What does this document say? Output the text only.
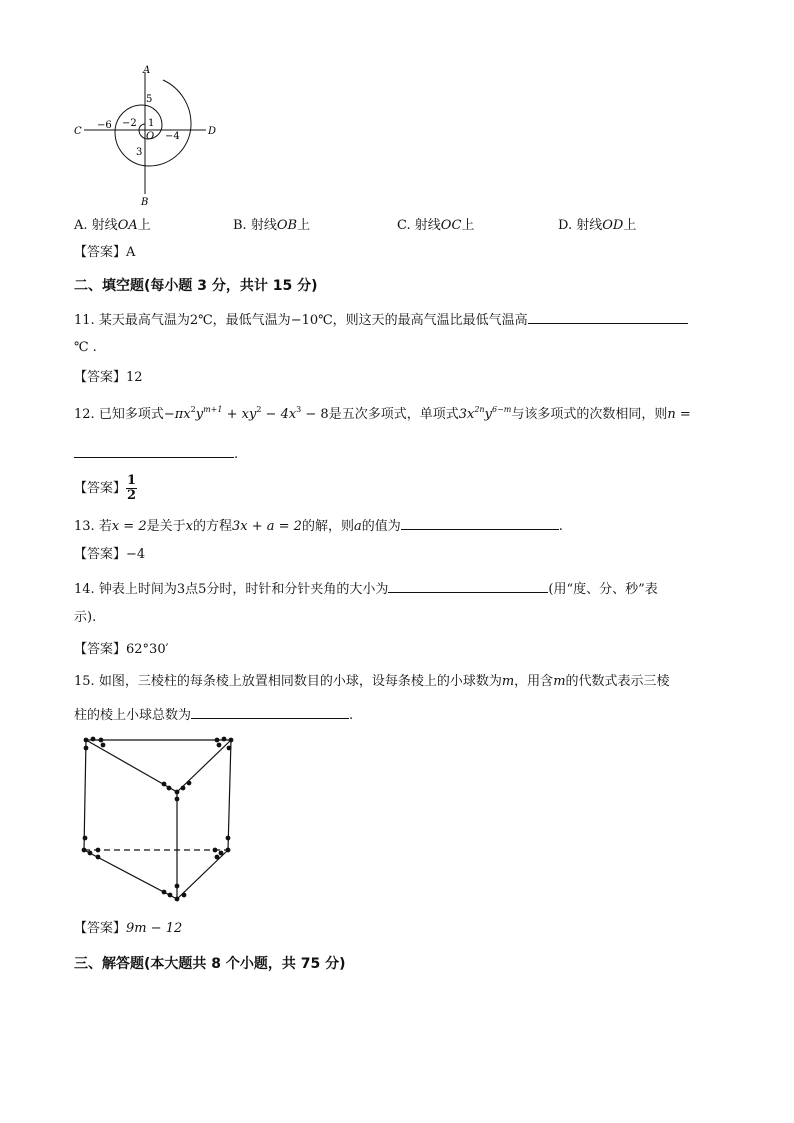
A
B
C	D
O
5
1
−2
−6
−4
3
A. 射线OA上	B. 射线OB上	C. 射线OC上	D. 射线OD上
【答案】A
二、填空题(每小题 3 分，共计 15 分)
11. 某天最高气温为2℃，最低气温为−10℃，则这天的最高气温比最低气温高
℃ .
【答案】12
12. 已知多项式$-\pi x^2y^{m+1} + xy^2 - 4x^3 - 8$是五次多项式，单项式$3x^{2n}y^{6-m}$与该多项式的次数相同，则n =
.
【答案】 $\frac{1}{2}$
13. 若x = 2是关于x的方程3x + a = 2的解，则a的值为	.
【答案】−4
14. 钟表上时间为3点5分时，时针和分针夹角的大小为	(用“度、分、秒”表
示).
【答案】62°30′
15. 如图，三棱柱的每条棱上放置相同数目的小球，设每条棱上的小球数为m，用含m的代数式表示三棱
柱的棱上小球总数为	.
【答案】9m − 12
三、解答题(本大题共 8 个小题，共 75 分)
